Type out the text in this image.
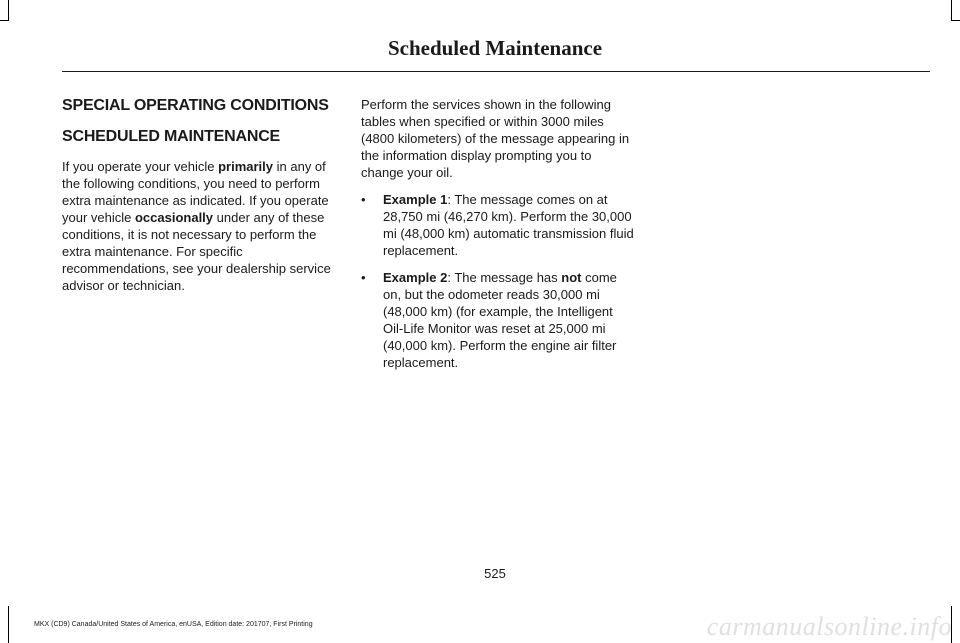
Scheduled Maintenance
SPECIAL OPERATING CONDITIONS
SCHEDULED MAINTENANCE

If you operate your vehicle primarily in any of the following conditions, you need to perform extra maintenance as indicated. If you operate your vehicle occasionally under any of these conditions, it is not necessary to perform the extra maintenance. For specific recommendations, see your dealership service advisor or technician.

Perform the services shown in the following tables when specified or within 3000 miles (4800 kilometers) of the message appearing in the information display prompting you to change your oil.

• Example 1: The message comes on at 28,750 mi (46,270 km). Perform the 30,000 mi (48,000 km) automatic transmission fluid replacement.
• Example 2: The message has not come on, but the odometer reads 30,000 mi (48,000 km) (for example, the Intelligent Oil-Life Monitor was reset at 25,000 mi (40,000 km). Perform the engine air filter replacement.
525
MKX (CD9) Canada/United States of America, enUSA, Edition date: 201707, First Printing	carmanualsonline.info
